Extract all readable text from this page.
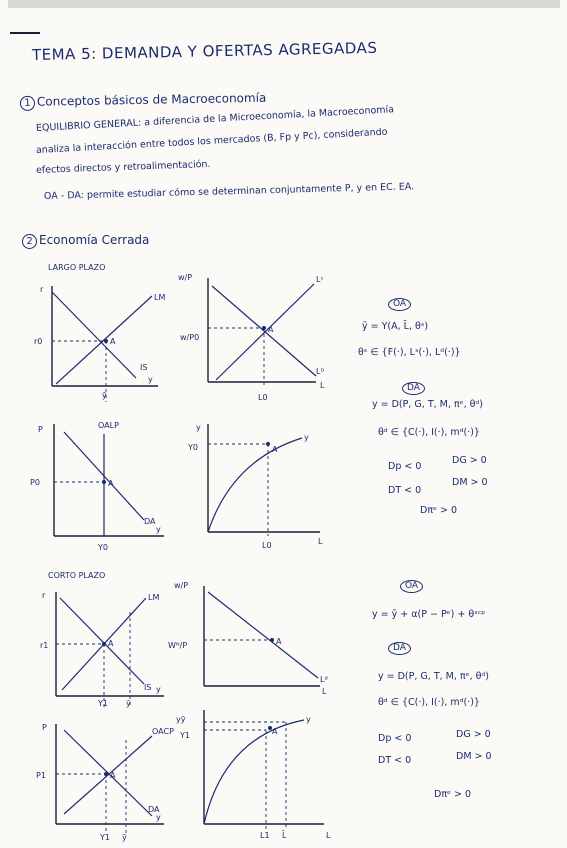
TEMA 5: DEMANDA Y OFERTAS AGREGADAS
1 Conceptos básicos de Macroeconomía
EQUILIBRIO GENERAL: a diferencia de la Microeconomía, la Macroeconomía
analiza la interacción entre todos los mercados (B, Fp y Pc), considerando
efectos directos y retroalimentación.
OA - DA: permite estudiar cómo se determinan conjuntamente P, y en EC. EA.
2 Economía Cerrada
LARGO PLAZO
CORTO PLAZO
r
LM
IS
y
r0	A
ȳ
w/P
w/P0
Lˢ
Lᴰ
L
A
L0
P	OALP
DA
P0
y
A
Y0
y
Y0
y
A
L
L0
OA
ȳ = Y(A, L̄, θˢ)
θˢ ∈ {F(·), Lˢ(·), Lᵈ(·)}
DA
y = D(P, G, T, M, πᵉ, θᵈ)
θᵈ ∈ {C(·), I(·), mᵈ(·)}
Dp < 0
DG > 0
DT < 0
DM > 0
Dπᵉ > 0
r	LM
IS y
r1	A
Y1 ȳ
w/P
Wᴺ/P
Lᵈ
L
A
P	OACP
DA
P1
y
A
Y1 ȳ
yȳ
Y1
y
A
L
L1 L̄
OA
y = ȳ + α(P − Pᵉ) + θˢᶜᵖ
DA
y = D(P, G, T, M, πᵉ, θᵈ)
θᵈ ∈ {C(·), I(·), mᵈ(·)}
Dp < 0	DG > 0
DT < 0	DM > 0
Dπᵉ > 0
